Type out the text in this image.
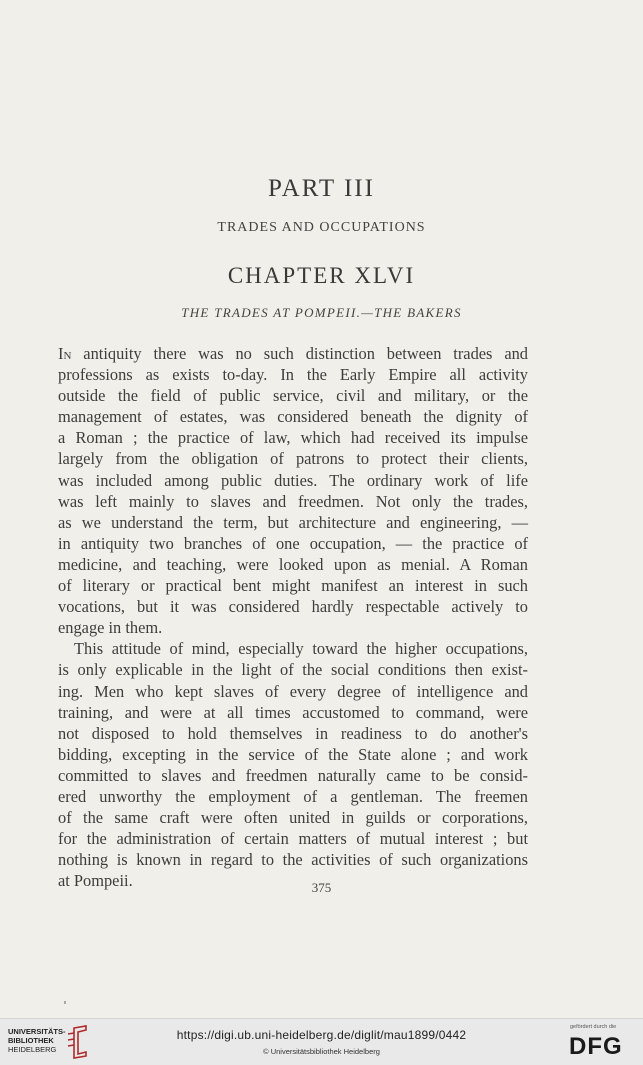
PART III
TRADES AND OCCUPATIONS
CHAPTER XLVI
THE TRADES AT POMPEII.—THE BAKERS
In antiquity there was no such distinction between trades and
professions as exists to-day. In the Early Empire all activity
outside the field of public service, civil and military, or the
management of estates, was considered beneath the dignity of
a Roman ; the practice of law, which had received its impulse
largely from the obligation of patrons to protect their clients,
was included among public duties. The ordinary work of life
was left mainly to slaves and freedmen. Not only the trades,
as we understand the term, but architecture and engineering, —
in antiquity two branches of one occupation, — the practice of
medicine, and teaching, were looked upon as menial. A Roman
of literary or practical bent might manifest an interest in such
vocations, but it was considered hardly respectable actively to
engage in them.
This attitude of mind, especially toward the higher occupations,
is only explicable in the light of the social conditions then exist-
ing. Men who kept slaves of every degree of intelligence and
training, and were at all times accustomed to command, were
not disposed to hold themselves in readiness to do another's
bidding, excepting in the service of the State alone ; and work
committed to slaves and freedmen naturally came to be consid-
ered unworthy the employment of a gentleman. The freemen
of the same craft were often united in guilds or corporations,
for the administration of certain matters of mutual interest ; but
nothing is known in regard to the activities of such organizations
at Pompeii.	375
UNIVERSITÄTS-
BIBLIOTHEK
HEIDELBERG
https://digi.ub.uni-heidelberg.de/diglit/mau1899/0442
© Universitätsbibliothek Heidelberg
gefördert durch die
DFG
